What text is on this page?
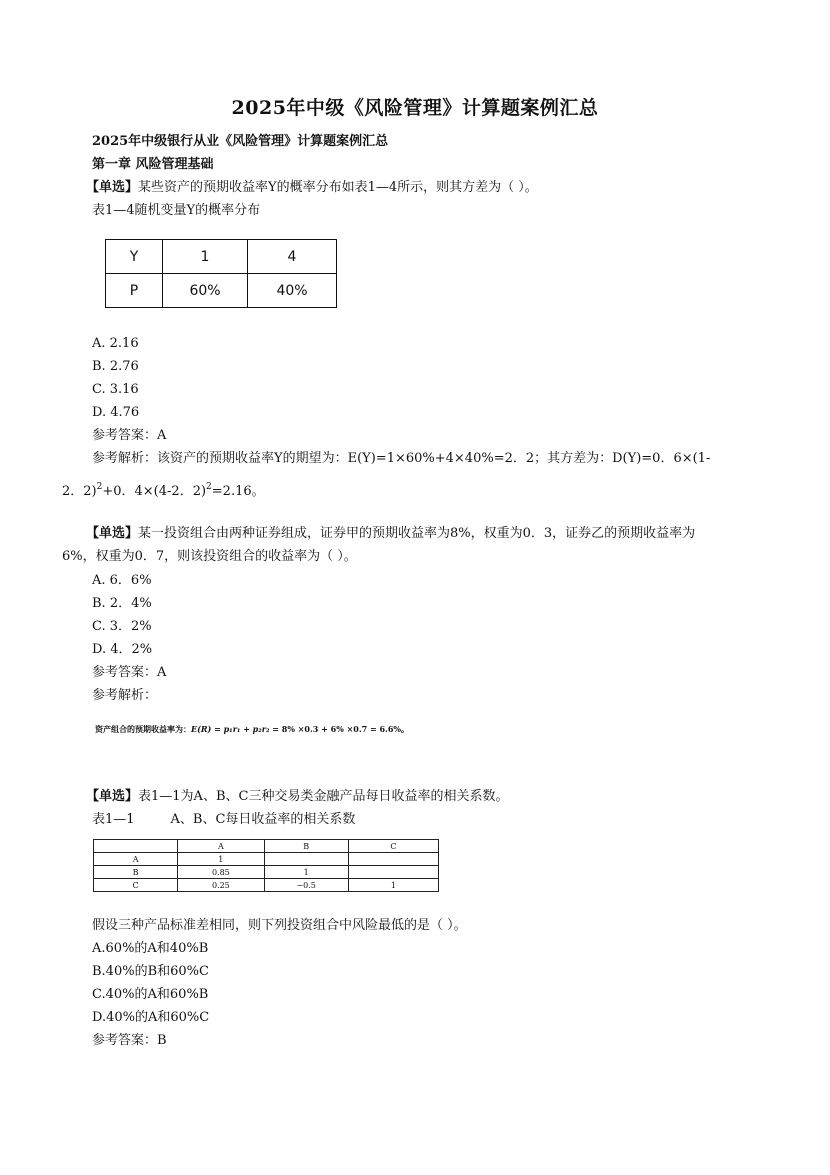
2025年中级《风险管理》计算题案例汇总
2025年中级银行从业《风险管理》计算题案例汇总
第一章 风险管理基础
【单选】某些资产的预期收益率Y的概率分布如表1—4所示，则其方差为（ ）。
表1—4随机变量Y的概率分布
Y	1	4
P	60%	40%
A. 2.16
B. 2.76
C. 3.16
D. 4.76
参考答案：A
参考解析：该资产的预期收益率Y的期望为：E(Y)=1×60%+4×40%=2．2；其方差为：D(Y)=0．6×(1-
2．2)$^2$+0．4×(4-2．2)$^2$=2.16。
【单选】某一投资组合由两种证券组成，证券甲的预期收益率为8%，权重为0．3，证券乙的预期收益率为
6%，权重为0．7，则该投资组合的收益率为（ ）。
A. 6．6%
B. 2．4%
C. 3．2%
D. 4．2%
参考答案：A
参考解析：
资产组合的预期收益率为：E(R) = p₁r₁ + p₂r₂ = 8% ×0.3 + 6% ×0.7 = 6.6%。
【单选】表1—1为A、B、C三种交易类金融产品每日收益率的相关系数。
表1—1	A、B、C每日收益率的相关系数
	A	B	C
A	1		
B	0.85	1	
C	0.25	−0.5	1
假设三种产品标准差相同，则下列投资组合中风险最低的是（ ）。
A.60%的A和40%B
B.40%的B和60%C
C.40%的A和60%B
D.40%的A和60%C
参考答案：B
